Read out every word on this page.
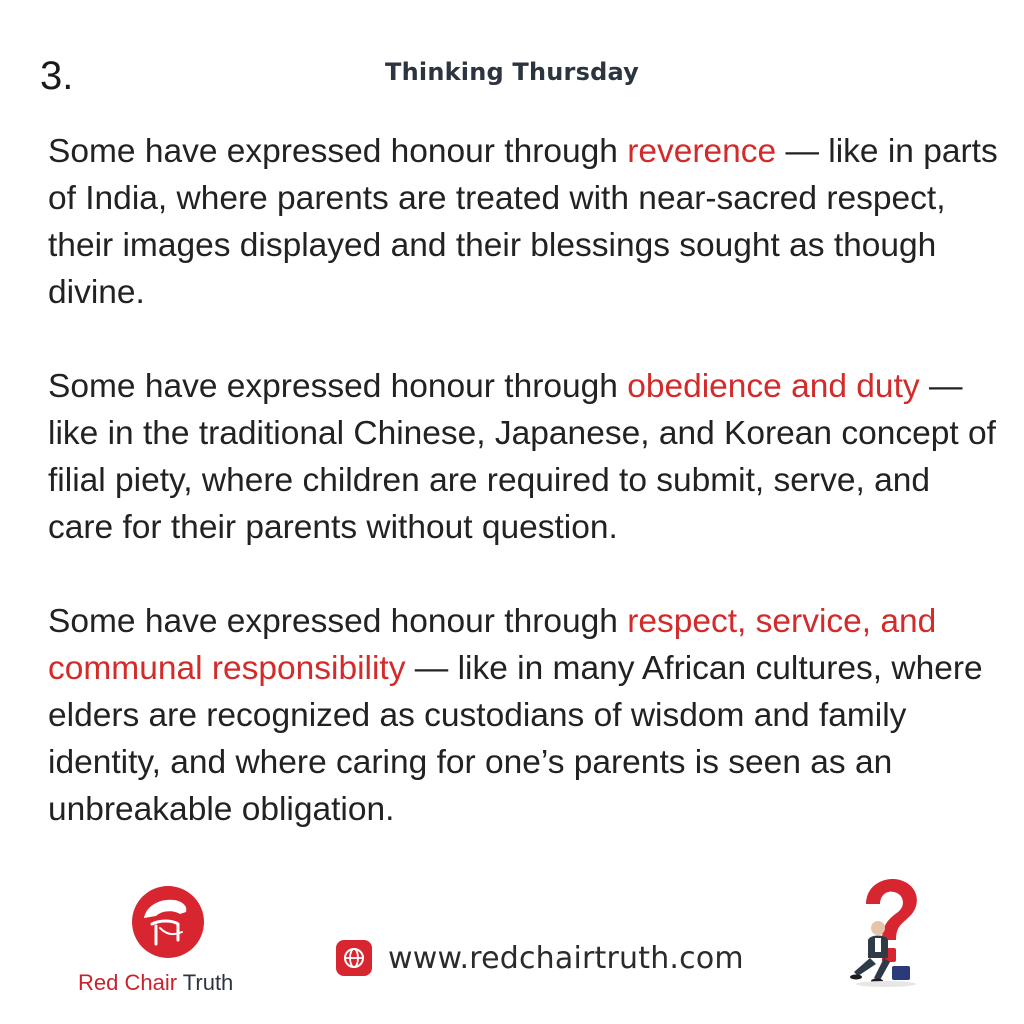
3.	Thinking Thursday

Some have expressed honour through reverence — like in parts of India, where parents are treated with near-sacred respect, their images displayed and their blessings sought as though divine.

Some have expressed honour through obedience and duty — like in the traditional Chinese, Japanese, and Korean concept of filial piety, where children are required to submit, serve, and care for their parents without question.

Some have expressed honour through respect, service, and communal responsibility — like in many African cultures, where elders are recognized as custodians of wisdom and family identity, and where caring for one’s parents is seen as an unbreakable obligation.

Red Chair Truth
www.redchairtruth.com
